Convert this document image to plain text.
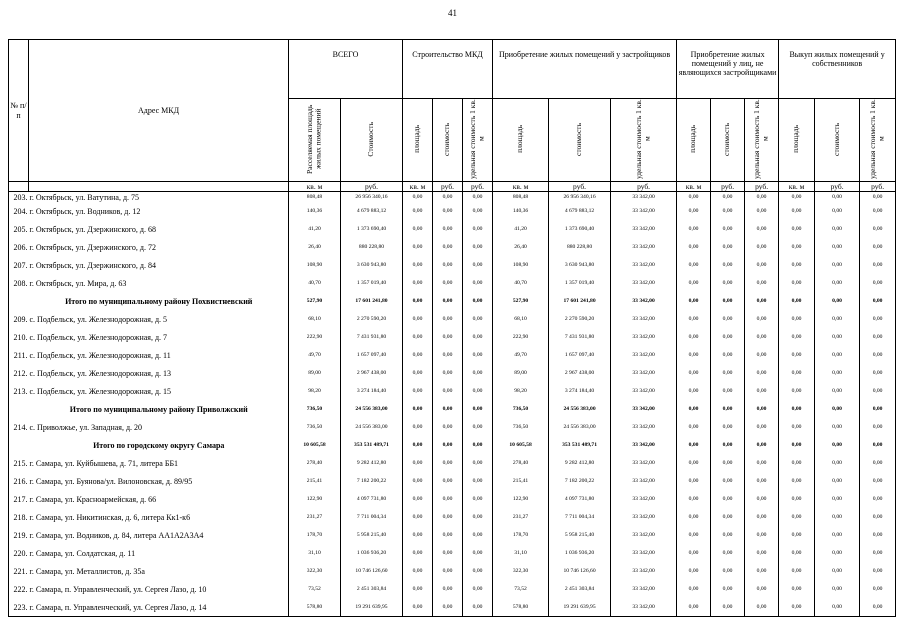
41
№ п/п	Адрес МКД	ВСЕГО		Строительство МКД			Приобретение жилых помещений у застройщиков			Приобретение жилых помещений у лиц, не являющихся застройщиками			Выкуп жилых помещений у собственников		
		Расселяемая площадь жилых помещений	Стоимость	площадь	стоимость	удельная стоимость 1 кв. м	площадь	стоимость	удельная стоимость 1 кв. м	площадь	стоимость	удельная стоимость 1 кв. м	площадь	стоимость	удельная стоимость 1 кв. м
		кв. м	руб.	кв. м	руб.	руб.	кв. м	руб.	руб.	кв. м	руб.	руб.	кв. м	руб.	руб.
203.	г. Октябрьск, ул. Ватутина, д. 75	808,48	26 956 340,16	0,00	0,00	0,00	808,48	26 956 340,16	33 342,00	0,00	0,00	0,00	0,00	0,00	0,00
204.	г. Октябрьск, ул. Водников, д. 12	140,36	4 679 883,12	0,00	0,00	0,00	140,36	4 679 883,12	33 342,00	0,00	0,00	0,00	0,00	0,00	0,00
205.	г. Октябрьск, ул. Дзержинского, д. 68	41,20	1 373 690,40	0,00	0,00	0,00	41,20	1 373 690,40	33 342,00	0,00	0,00	0,00	0,00	0,00	0,00
206.	г. Октябрьск, ул. Дзержинского, д. 72	26,40	880 228,80	0,00	0,00	0,00	26,40	880 228,80	33 342,00	0,00	0,00	0,00	0,00	0,00	0,00
207.	г. Октябрьск, ул. Дзержинского, д. 84	108,90	3 630 943,80	0,00	0,00	0,00	108,90	3 630 943,80	33 342,00	0,00	0,00	0,00	0,00	0,00	0,00
208.	г. Октябрьск, ул. Мира, д. 63	40,70	1 357 019,40	0,00	0,00	0,00	40,70	1 357 019,40	33 342,00	0,00	0,00	0,00	0,00	0,00	0,00
	Итого по муниципальному району Похвистневский	527,90	17 601 241,80	0,00	0,00	0,00	527,90	17 601 241,80	33 342,00	0,00	0,00	0,00	0,00	0,00	0,00
209.	с. Подбельск, ул. Железнодорожная, д. 5	68,10	2 270 590,20	0,00	0,00	0,00	68,10	2 270 590,20	33 342,00	0,00	0,00	0,00	0,00	0,00	0,00
210.	с. Подбельск, ул. Железнодорожная, д. 7	222,90	7 431 931,80	0,00	0,00	0,00	222,90	7 431 931,80	33 342,00	0,00	0,00	0,00	0,00	0,00	0,00
211.	с. Подбельск, ул. Железнодорожная, д. 11	49,70	1 657 097,40	0,00	0,00	0,00	49,70	1 657 097,40	33 342,00	0,00	0,00	0,00	0,00	0,00	0,00
212.	с. Подбельск, ул. Железнодорожная, д. 13	89,00	2 967 438,00	0,00	0,00	0,00	89,00	2 967 438,00	33 342,00	0,00	0,00	0,00	0,00	0,00	0,00
213.	с. Подбельск, ул. Железнодорожная, д. 15	98,20	3 274 184,40	0,00	0,00	0,00	98,20	3 274 184,40	33 342,00	0,00	0,00	0,00	0,00	0,00	0,00
	Итого по муниципальному району Приволжский	736,50	24 556 383,00	0,00	0,00	0,00	736,50	24 556 383,00	33 342,00	0,00	0,00	0,00	0,00	0,00	0,00
214.	с. Приволжье, ул. Западная, д. 20	736,50	24 556 383,00	0,00	0,00	0,00	736,50	24 556 383,00	33 342,00	0,00	0,00	0,00	0,00	0,00	0,00
	Итого по городскому округу Самара	10 605,58	353 531 489,71	0,00	0,00	0,00	10 605,58	353 531 489,71	33 342,00	0,00	0,00	0,00	0,00	0,00	0,00
215.	г. Самара, ул. Куйбышева, д. 71, литера ББ1	278,40	9 282 412,80	0,00	0,00	0,00	278,40	9 282 412,80	33 342,00	0,00	0,00	0,00	0,00	0,00	0,00
216.	г. Самара, ул. Буянова/ул. Вилоновская, д. 89/95	215,41	7 182 200,22	0,00	0,00	0,00	215,41	7 182 200,22	33 342,00	0,00	0,00	0,00	0,00	0,00	0,00
217.	г. Самара, ул. Красноармейская, д. 66	122,90	4 097 731,80	0,00	0,00	0,00	122,90	4 097 731,80	33 342,00	0,00	0,00	0,00	0,00	0,00	0,00
218.	г. Самара, ул. Никитинская, д. 6, литера Кк1-к6	231,27	7 711 004,34	0,00	0,00	0,00	231,27	7 711 004,34	33 342,00	0,00	0,00	0,00	0,00	0,00	0,00
219.	г. Самара, ул. Водников, д. 84, литера АА1А2А3А4	178,70	5 958 215,40	0,00	0,00	0,00	178,70	5 958 215,40	33 342,00	0,00	0,00	0,00	0,00	0,00	0,00
220.	г. Самара, ул. Солдатская, д. 11	31,10	1 036 936,20	0,00	0,00	0,00	31,10	1 036 936,20	33 342,00	0,00	0,00	0,00	0,00	0,00	0,00
221.	г. Самара, ул. Металлистов, д. 35а	322,30	10 746 126,60	0,00	0,00	0,00	322,30	10 746 126,60	33 342,00	0,00	0,00	0,00	0,00	0,00	0,00
222.	г. Самара, п. Управленческий, ул. Сергея Лазо, д. 10	73,52	2 451 303,84	0,00	0,00	0,00	73,52	2 451 303,84	33 342,00	0,00	0,00	0,00	0,00	0,00	0,00
223.	г. Самара, п. Управленческий, ул. Сергея Лазо, д. 14	578,80	19 291 639,95	0,00	0,00	0,00	578,80	19 291 639,95	33 342,00	0,00	0,00	0,00	0,00	0,00	0,00
